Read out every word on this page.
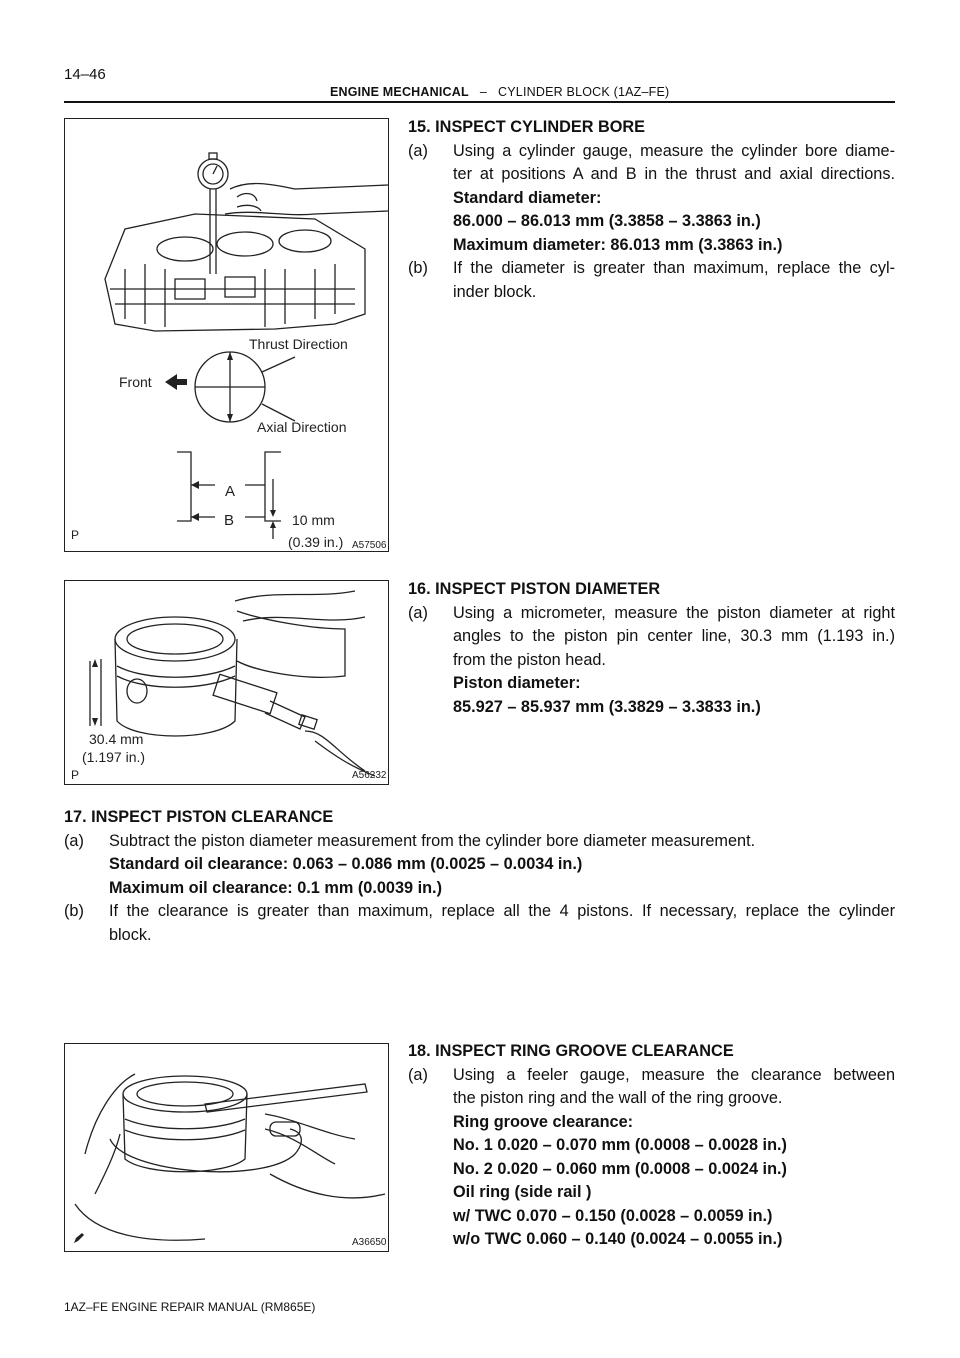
14–46
ENGINE MECHANICAL – CYLINDER BLOCK (1AZ–FE)
Thrust Direction
Front
Axial Direction
A
B	10 mm
(0.39 in.) A57506
P
30.4 mm
(1.197 in.)
A56232
P
A36650
15. INSPECT CYLINDER BORE
(a)	Using a cylinder gauge, measure the cylinder bore diame-
ter at positions A and B in the thrust and axial directions.
Standard diameter:
86.000 – 86.013 mm (3.3858 – 3.3863 in.)
Maximum diameter: 86.013 mm (3.3863 in.)
(b)	If the diameter is greater than maximum, replace the cyl-
inder block.
16. INSPECT PISTON DIAMETER
(a)	Using a micrometer, measure the piston diameter at right
angles to the piston pin center line, 30.3 mm (1.193 in.)
from the piston head.
Piston diameter:
85.927 – 85.937 mm (3.3829 – 3.3833 in.)
17. INSPECT PISTON CLEARANCE
(a)	Subtract the piston diameter measurement from the cylinder bore diameter measurement.
Standard oil clearance: 0.063 – 0.086 mm (0.0025 – 0.0034 in.)
Maximum oil clearance: 0.1 mm (0.0039 in.)
(b)	If the clearance is greater than maximum, replace all the 4 pistons. If necessary, replace the cylinder
block.
18. INSPECT RING GROOVE CLEARANCE
(a)	Using a feeler gauge, measure the clearance between
the piston ring and the wall of the ring groove.
Ring groove clearance:
No. 1 0.020 – 0.070 mm (0.0008 – 0.0028 in.)
No. 2 0.020 – 0.060 mm (0.0008 – 0.0024 in.)
Oil ring (side rail )
w/ TWC 0.070 – 0.150 (0.0028 – 0.0059 in.)
w/o TWC 0.060 – 0.140 (0.0024 – 0.0055 in.)
1AZ–FE ENGINE REPAIR MANUAL (RM865E)
